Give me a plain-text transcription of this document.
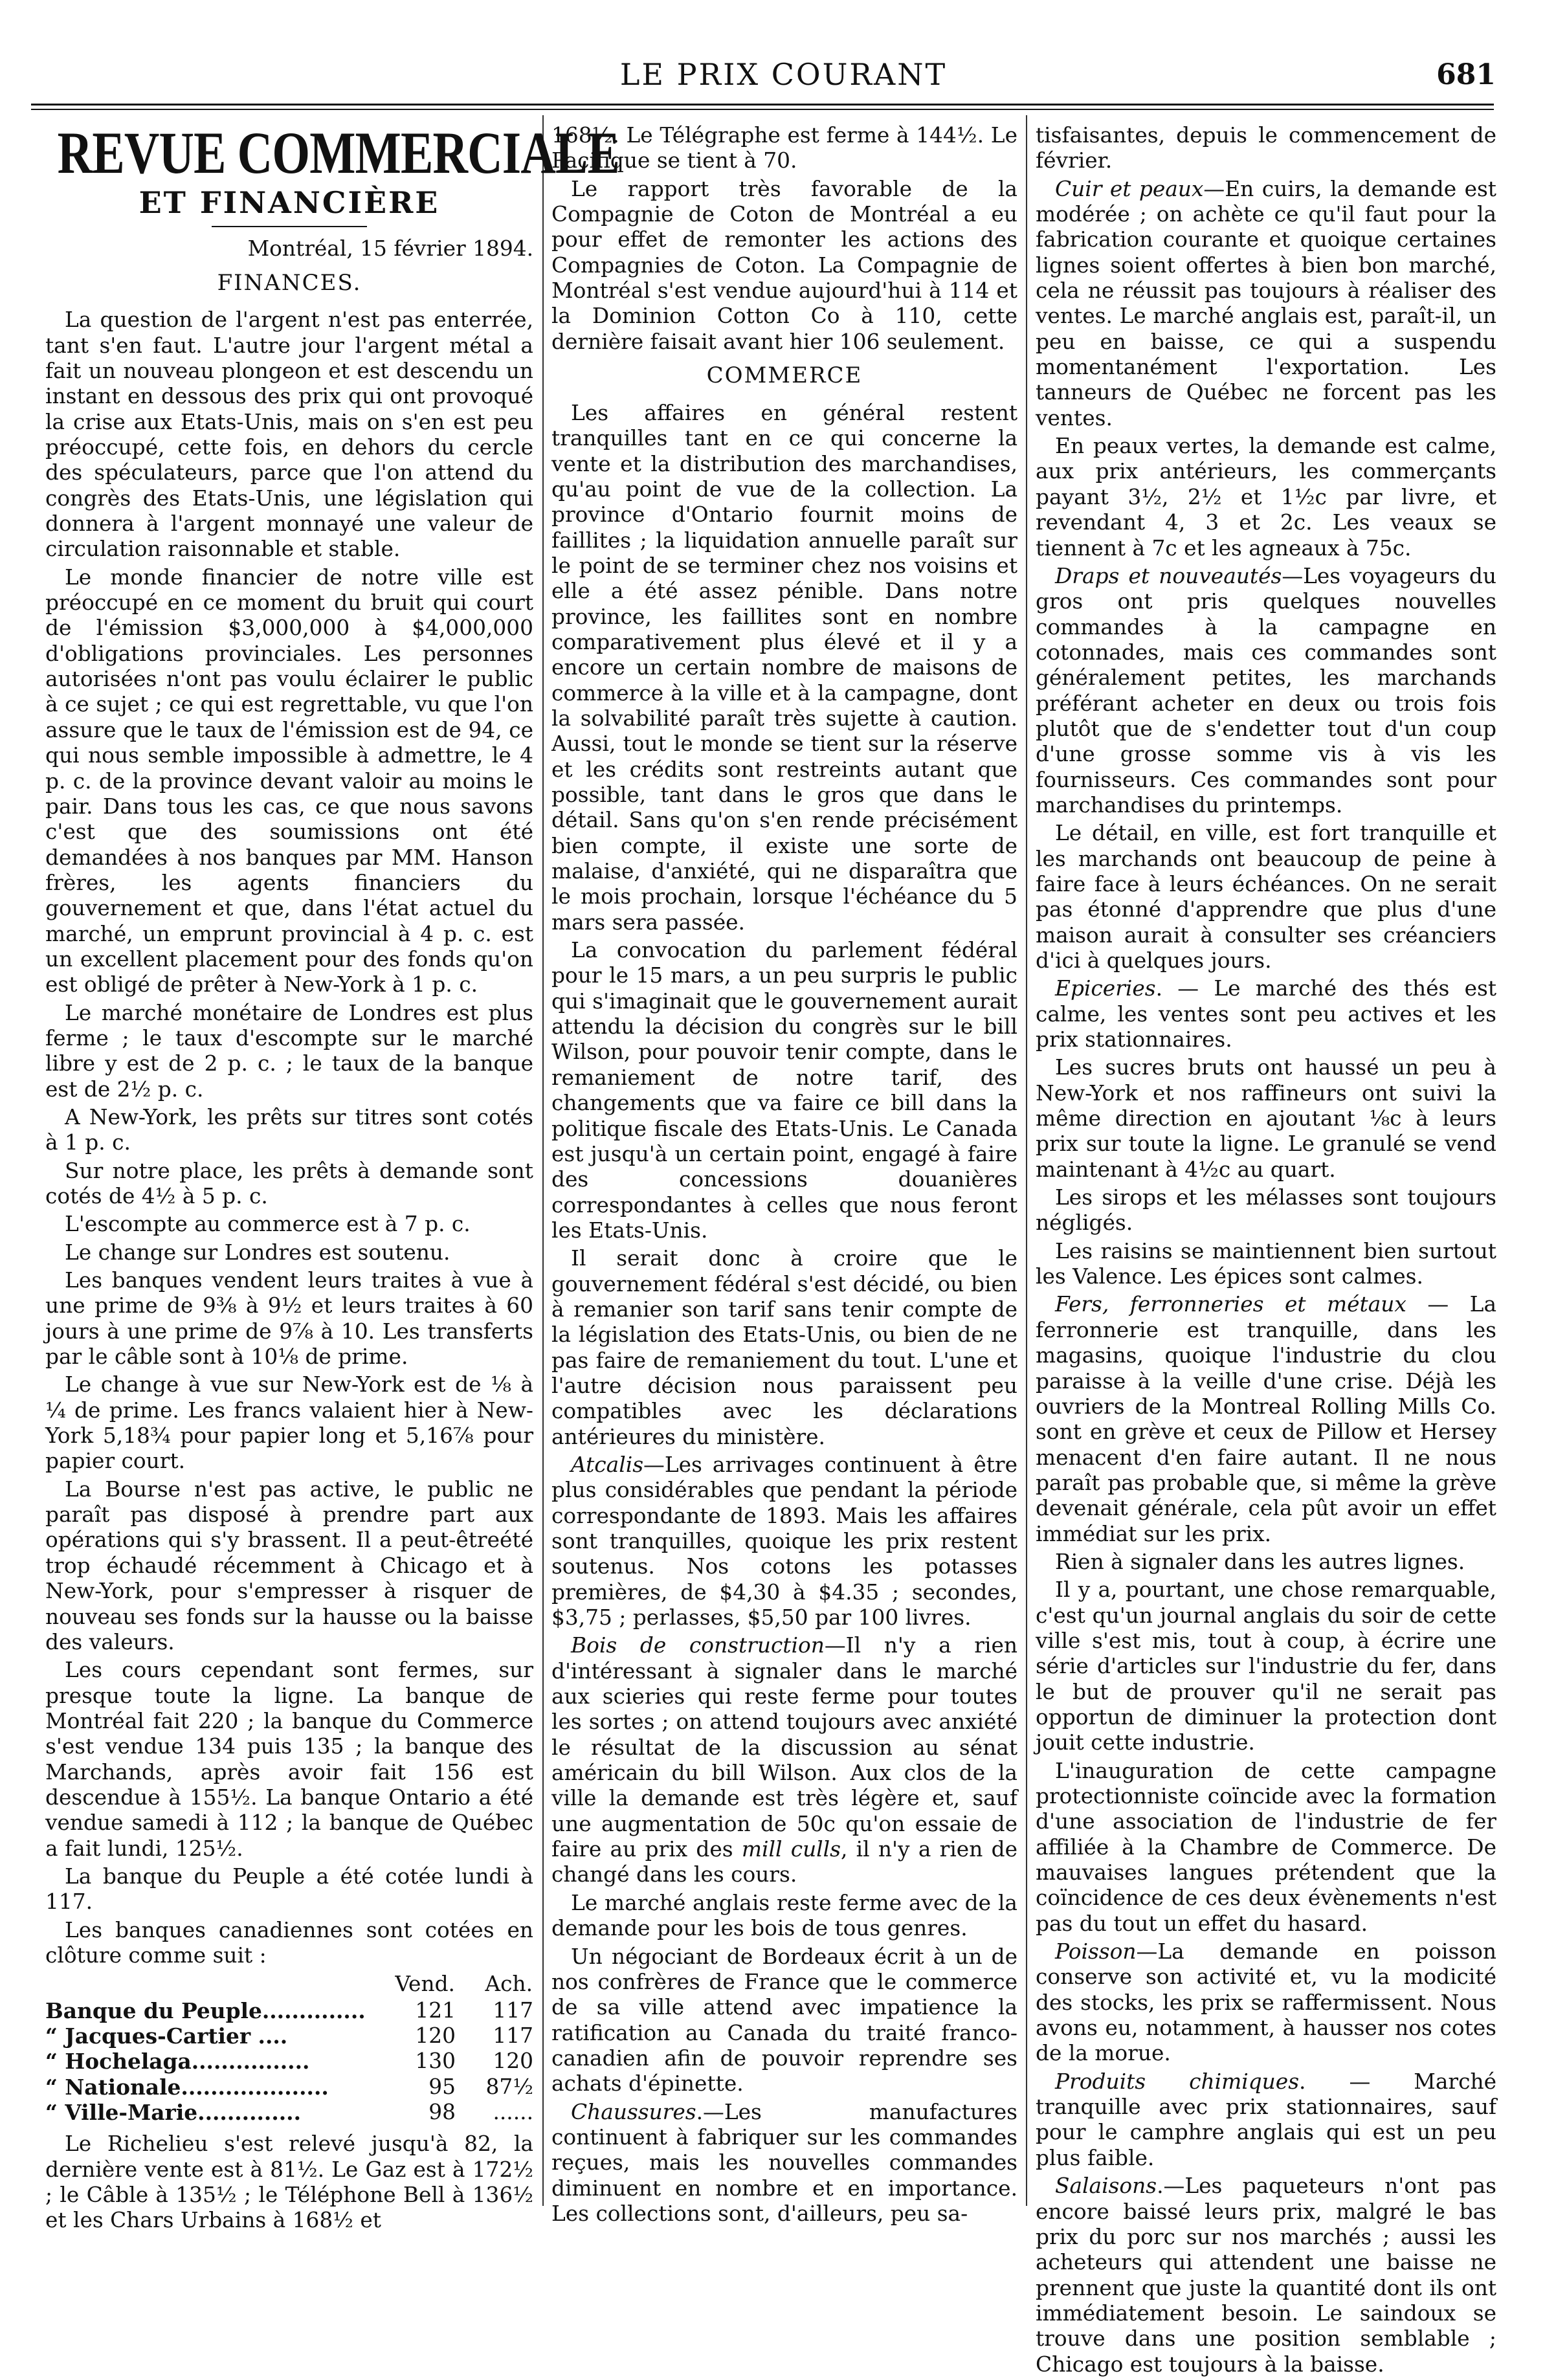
LE PRIX COURANT	681
REVUE COMMERCIALE
ET FINANCIÈRE
Montréal, 15 février 1894.
FINANCES.

La question de l'argent n'est pas enterrée, tant s'en faut. L'autre jour l'argent métal a fait un nouveau plongeon et est descendu un instant en dessous des prix qui ont provoqué la crise aux Etats-Unis, mais on s'en est peu préoccupé, cette fois, en dehors du cercle des spéculateurs, parce que l'on attend du congrès des Etats-Unis, une législation qui donnera à l'argent monnayé une valeur de circulation raisonnable et stable.

Le monde financier de notre ville est préoccupé en ce moment du bruit qui court de l'émission $3,000,000 à $4,000,000 d'obligations provinciales. Les personnes autorisées n'ont pas voulu éclairer le public à ce sujet ; ce qui est regrettable, vu que l'on assure que le taux de l'émission est de 94, ce qui nous semble impossible à admettre, le 4 p. c. de la province devant valoir au moins le pair. Dans tous les cas, ce que nous savons c'est que des soumissions ont été demandées à nos banques par MM. Hanson frères, les agents financiers du gouvernement et que, dans l'état actuel du marché, un emprunt provincial à 4 p. c. est un excellent placement pour des fonds qu'on est obligé de prêter à New-York à 1 p. c.

Le marché monétaire de Londres est plus ferme ; le taux d'escompte sur le marché libre y est de 2 p. c. ; le taux de la banque est de 2½ p. c.

A New-York, les prêts sur titres sont cotés à 1 p. c.

Sur notre place, les prêts à demande sont cotés de 4½ à 5 p. c.

L'escompte au commerce est à 7 p. c.

Le change sur Londres est soutenu.

Les banques vendent leurs traites à vue à une prime de 9⅜ à 9½ et leurs traites à 60 jours à une prime de 9⅞ à 10. Les transferts par le câble sont à 10⅛ de prime.

Le change à vue sur New-York est de ⅛ à ¼ de prime. Les francs valaient hier à New-York 5,18¾ pour papier long et 5,16⅞ pour papier court.

La Bourse n'est pas active, le public ne paraît pas disposé à prendre part aux opérations qui s'y brassent. Il a peut-êtreété trop échaudé récemment à Chicago et à New-York, pour s'empresser à risquer de nouveau ses fonds sur la hausse ou la baisse des valeurs.

Les cours cependant sont fermes, sur presque toute la ligne. La banque de Montréal fait 220 ; la banque du Commerce s'est vendue 134 puis 135 ; la banque des Marchands, après avoir fait 156 est descendue à 155½. La banque Ontario a été vendue samedi à 112 ; la banque de Québec a fait lundi, 125½.

La banque du Peuple a été cotée lundi à 117.

Les banques canadiennes sont cotées en clôture comme suit :

	Vend.	Ach.
Banque du Peuple..............	121	117
“ Jacques-Cartier ....	120	117
“ Hochelaga................	130	120
“ Nationale....................	95	87½
“ Ville-Marie..............	98	......

Le Richelieu s'est relevé jusqu'à 82, la dernière vente est à 81½. Le Gaz est à 172½ ; le Câble à 135½ ; le Téléphone Bell à 136½ et les Chars Urbains à 168½ et

168½. Le Télégraphe est ferme à 144½. Le Pacifique se tient à 70.

Le rapport très favorable de la Compagnie de Coton de Montréal a eu pour effet de remonter les actions des Compagnies de Coton. La Compagnie de Montréal s'est vendue aujourd'hui à 114 et la Dominion Cotton Co à 110, cette dernière faisait avant hier 106 seulement.

COMMERCE

Les affaires en général restent tranquilles tant en ce qui concerne la vente et la distribution des marchandises, qu'au point de vue de la collection. La province d'Ontario fournit moins de faillites ; la liquidation annuelle paraît sur le point de se terminer chez nos voisins et elle a été assez pénible. Dans notre province, les faillites sont en nombre comparativement plus élevé et il y a encore un certain nombre de maisons de commerce à la ville et à la campagne, dont la solvabilité paraît très sujette à caution. Aussi, tout le monde se tient sur la réserve et les crédits sont restreints autant que possible, tant dans le gros que dans le détail. Sans qu'on s'en rende précisément bien compte, il existe une sorte de malaise, d'anxiété, qui ne disparaîtra que le mois prochain, lorsque l'échéance du 5 mars sera passée.

La convocation du parlement fédéral pour le 15 mars, a un peu surpris le public qui s'imaginait que le gouvernement aurait attendu la décision du congrès sur le bill Wilson, pour pouvoir tenir compte, dans le remaniement de notre tarif, des changements que va faire ce bill dans la politique fiscale des Etats-Unis. Le Canada est jusqu'à un certain point, engagé à faire des concessions douanières correspondantes à celles que nous feront les Etats-Unis.

Il serait donc à croire que le gouvernement fédéral s'est décidé, ou bien à remanier son tarif sans tenir compte de la législation des Etats-Unis, ou bien de ne pas faire de remaniement du tout. L'une et l'autre décision nous paraissent peu compatibles avec les déclarations antérieures du ministère.

Atcalis—Les arrivages continuent à être plus considérables que pendant la période correspondante de 1893. Mais les affaires sont tranquilles, quoique les prix restent soutenus. Nos cotons les potasses premières, de $4,30 à $4.35 ; secondes, $3,75 ; perlasses, $5,50 par 100 livres.

Bois de construction—Il n'y a rien d'intéressant à signaler dans le marché aux scieries qui reste ferme pour toutes les sortes ; on attend toujours avec anxiété le résultat de la discussion au sénat américain du bill Wilson. Aux clos de la ville la demande est très légère et, sauf une augmentation de 50c qu'on essaie de faire au prix des mill culls, il n'y a rien de changé dans les cours.

Le marché anglais reste ferme avec de la demande pour les bois de tous genres.

Un négociant de Bordeaux écrit à un de nos confrères de France que le commerce de sa ville attend avec impatience la ratification au Canada du traité franco-canadien afin de pouvoir reprendre ses achats d'épinette.

Chaussures.—Les manufactures continuent à fabriquer sur les commandes reçues, mais les nouvelles commandes diminuent en nombre et en importance. Les collections sont, d'ailleurs, peu sa-

tisfaisantes, depuis le commencement de février.

Cuir et peaux—En cuirs, la demande est modérée ; on achète ce qu'il faut pour la fabrication courante et quoique certaines lignes soient offertes à bien bon marché, cela ne réussit pas toujours à réaliser des ventes. Le marché anglais est, paraît-il, un peu en baisse, ce qui a suspendu momentanément l'exportation. Les tanneurs de Québec ne forcent pas les ventes.

En peaux vertes, la demande est calme, aux prix antérieurs, les commerçants payant 3½, 2½ et 1½c par livre, et revendant 4, 3 et 2c. Les veaux se tiennent à 7c et les agneaux à 75c.

Draps et nouveautés—Les voyageurs du gros ont pris quelques nouvelles commandes à la campagne en cotonnades, mais ces commandes sont généralement petites, les marchands préférant acheter en deux ou trois fois plutôt que de s'endetter tout d'un coup d'une grosse somme vis à vis les fournisseurs. Ces commandes sont pour marchandises du printemps.

Le détail, en ville, est fort tranquille et les marchands ont beaucoup de peine à faire face à leurs échéances. On ne serait pas étonné d'apprendre que plus d'une maison aurait à consulter ses créanciers d'ici à quelques jours.

Epiceries. — Le marché des thés est calme, les ventes sont peu actives et les prix stationnaires.

Les sucres bruts ont haussé un peu à New-York et nos raffineurs ont suivi la même direction en ajoutant ⅛c à leurs prix sur toute la ligne. Le granulé se vend maintenant à 4½c au quart.

Les sirops et les mélasses sont toujours négligés.

Les raisins se maintiennent bien surtout les Valence. Les épices sont calmes.

Fers, ferronneries et métaux — La ferronnerie est tranquille, dans les magasins, quoique l'industrie du clou paraisse à la veille d'une crise. Déjà les ouvriers de la Montreal Rolling Mills Co. sont en grève et ceux de Pillow et Hersey menacent d'en faire autant. Il ne nous paraît pas probable que, si même la grève devenait générale, cela pût avoir un effet immédiat sur les prix.

Rien à signaler dans les autres lignes.

Il y a, pourtant, une chose remarquable, c'est qu'un journal anglais du soir de cette ville s'est mis, tout à coup, à écrire une série d'articles sur l'industrie du fer, dans le but de prouver qu'il ne serait pas opportun de diminuer la protection dont jouit cette industrie.

L'inauguration de cette campagne protectionniste coïncide avec la formation d'une association de l'industrie de fer affiliée à la Chambre de Commerce. De mauvaises langues prétendent que la coïncidence de ces deux évènements n'est pas du tout un effet du hasard.

Poisson—La demande en poisson conserve son activité et, vu la modicité des stocks, les prix se raffermissent. Nous avons eu, notamment, à hausser nos cotes de la morue.

Produits chimiques. — Marché tranquille avec prix stationnaires, sauf pour le camphre anglais qui est un peu plus faible.

Salaisons.—Les paqueteurs n'ont pas encore baissé leurs prix, malgré le bas prix du porc sur nos marchés ; aussi les acheteurs qui attendent une baisse ne prennent que juste la quantité dont ils ont immédiatement besoin. Le saindoux se trouve dans une position semblable ; Chicago est toujours à la baisse.
